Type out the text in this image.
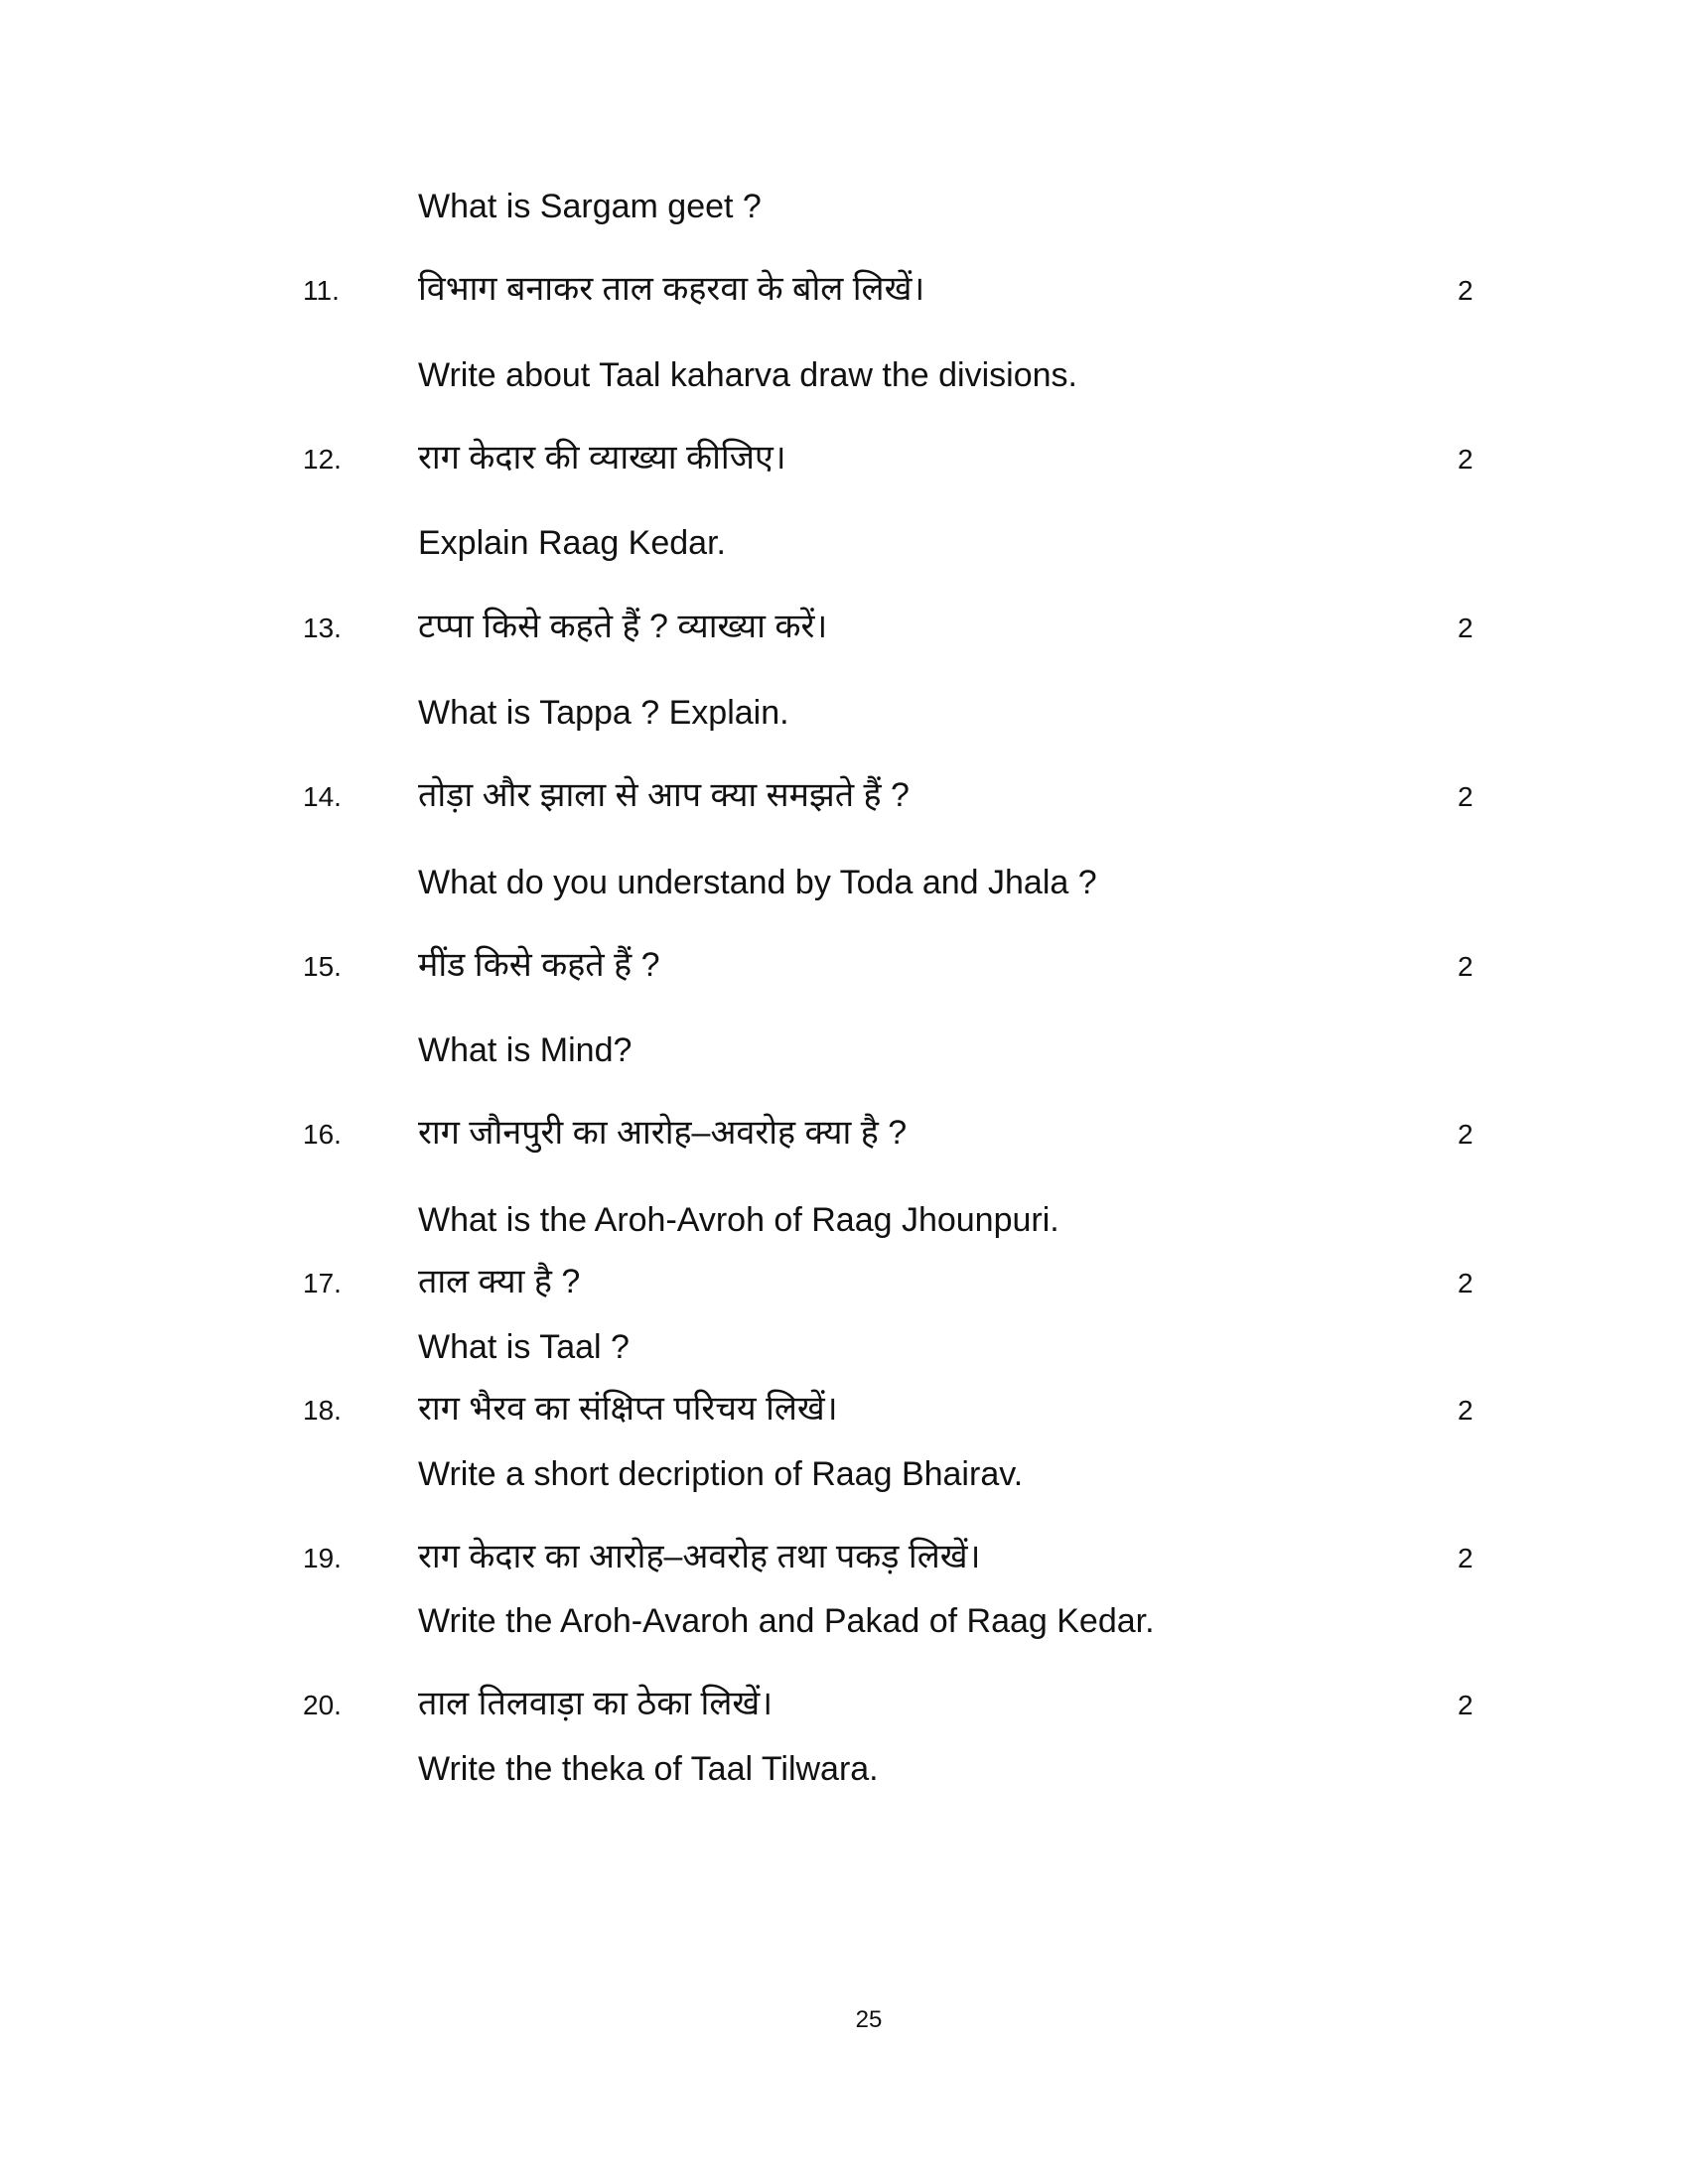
What is Sargam geet ?
11. विभाग बनाकर ताल कहरवा के बोल लिखें।	2
Write about Taal kaharva draw the divisions.
12. राग केदार की व्याख्या कीजिए।	2
Explain Raag Kedar.
13. टप्पा किसे कहते हैं ? व्याख्या करें।	2
What is Tappa ? Explain.
14. तोड़ा और झाला से आप क्या समझते हैं ?	2
What do you understand by Toda and Jhala ?
15. मींड किसे कहते हैं ?	2
What is Mind?
16. राग जौनपुरी का आरोह–अवरोह क्या है ?	2
What is the Aroh-Avroh of Raag Jhounpuri.
17. ताल क्या है ?	2
What is Taal ?
18. राग भैरव का संक्षिप्त परिचय लिखें।	2
Write a short decription of Raag Bhairav.
19. राग केदार का आरोह–अवरोह तथा पकड़ लिखें।	2
Write the Aroh-Avaroh and Pakad of Raag Kedar.
20. ताल तिलवाड़ा का ठेका लिखें।	2
Write the theka of Taal Tilwara.
25
